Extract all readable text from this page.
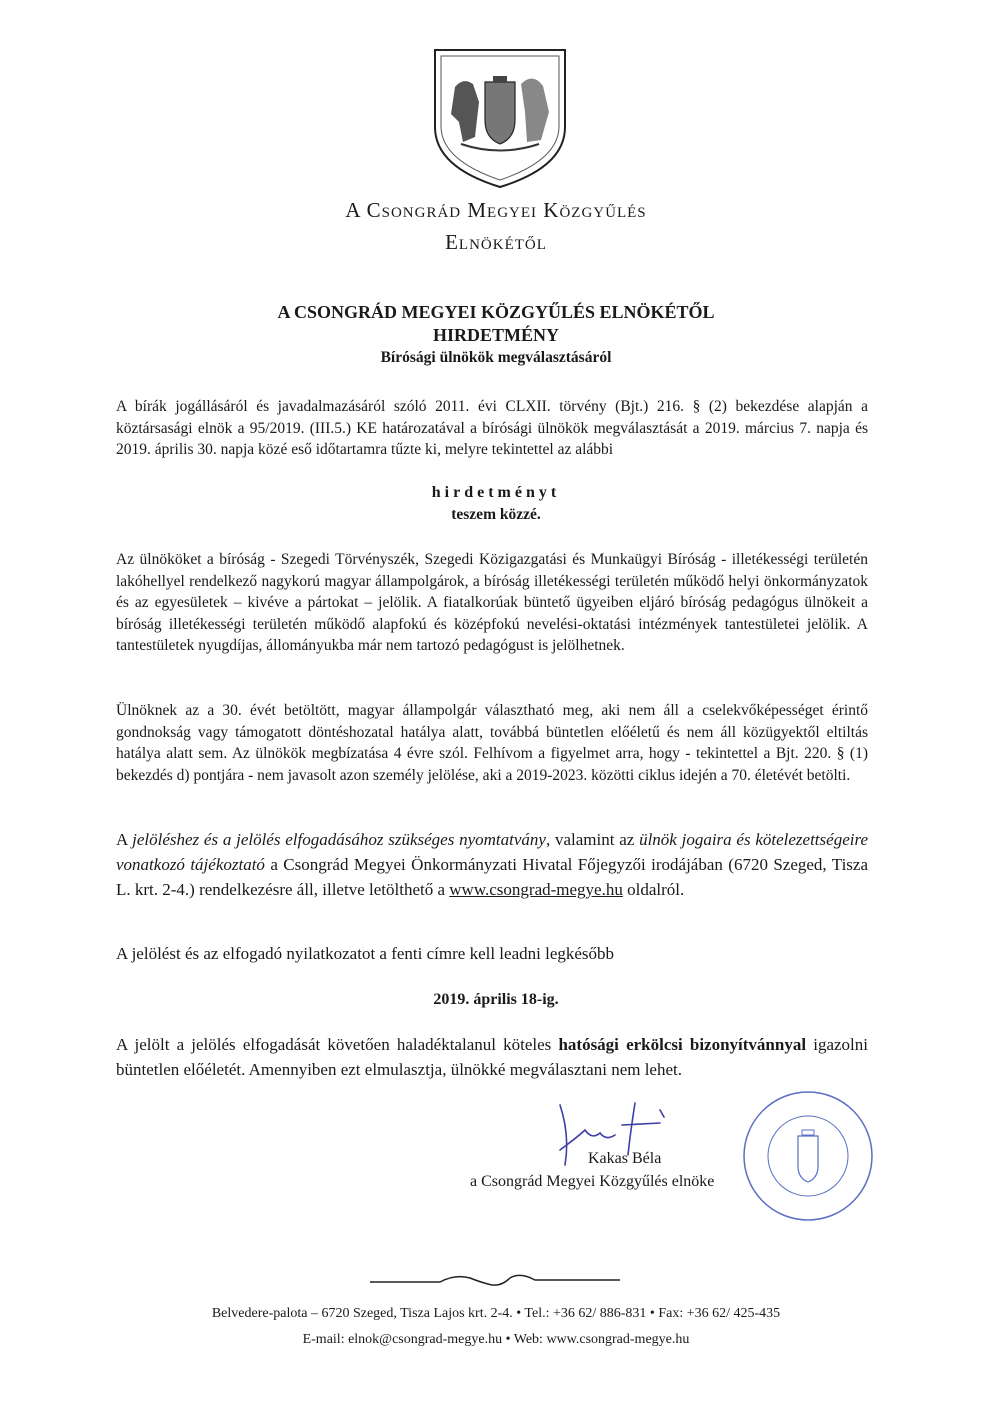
A Csongrád Megyei Közgyűlés
Elnökétől
A CSONGRÁD MEGYEI KÖZGYŰLÉS ELNÖKÉTŐL
HIRDETMÉNY
Bírósági ülnökök megválasztásáról
A bírák jogállásáról és javadalmazásáról szóló 2011. évi CLXII. törvény (Bjt.) 216. § (2) bekezdése alapján a köztársasági elnök a 95/2019. (III.5.) KE határozatával a bírósági ülnökök megválasztását a 2019. március 7. napja és 2019. április 30. napja közé eső időtartamra tűzte ki, melyre tekintettel az alábbi
hirdetményt
teszem közzé.
Az ülnököket a bíróság - Szegedi Törvényszék, Szegedi Közigazgatási és Munkaügyi Bíróság - illetékességi területén lakóhellyel rendelkező nagykorú magyar állampolgárok, a bíróság illetékességi területén működő helyi önkormányzatok és az egyesületek – kivéve a pártokat – jelölik. A fiatalkorúak büntető ügyeiben eljáró bíróság pedagógus ülnökeit a bíróság illetékességi területén működő alapfokú és középfokú nevelési-oktatási intézmények tantestületei jelölik. A tantestületek nyugdíjas, állományukba már nem tartozó pedagógust is jelölhetnek.
Ülnöknek az a 30. évét betöltött, magyar állampolgár választható meg, aki nem áll a cselekvőképességet érintő gondnokság vagy támogatott döntéshozatal hatálya alatt, továbbá büntetlen előéletű és nem áll közügyektől eltiltás hatálya alatt sem. Az ülnökök megbízatása 4 évre szól. Felhívom a figyelmet arra, hogy - tekintettel a Bjt. 220. § (1) bekezdés d) pontjára - nem javasolt azon személy jelölése, aki a 2019-2023. közötti ciklus idején a 70. életévét betölti.
A jelöléshez és a jelölés elfogadásához szükséges nyomtatvány, valamint az ülnök jogaira és kötelezettségeire vonatkozó tájékoztató a Csongrád Megyei Önkormányzati Hivatal Főjegyzői irodájában (6720 Szeged, Tisza L. krt. 2-4.) rendelkezésre áll, illetve letölthető a www.csongrad-megye.hu oldalról.
A jelölést és az elfogadó nyilatkozatot a fenti címre kell leadni legkésőbb
2019. április 18-ig.
A jelölt a jelölés elfogadását követően haladéktalanul köteles hatósági erkölcsi bizonyítvánnyal igazolni büntetlen előéletét. Amennyiben ezt elmulasztja, ülnökké megválasztani nem lehet.
Kakas Béla
a Csongrád Megyei Közgyűlés elnöke
Belvedere-palota – 6720 Szeged, Tisza Lajos krt. 2-4. • Tel.: +36 62/ 886-831 • Fax: +36 62/ 425-435
E-mail: elnok@csongrad-megye.hu • Web: www.csongrad-megye.hu
